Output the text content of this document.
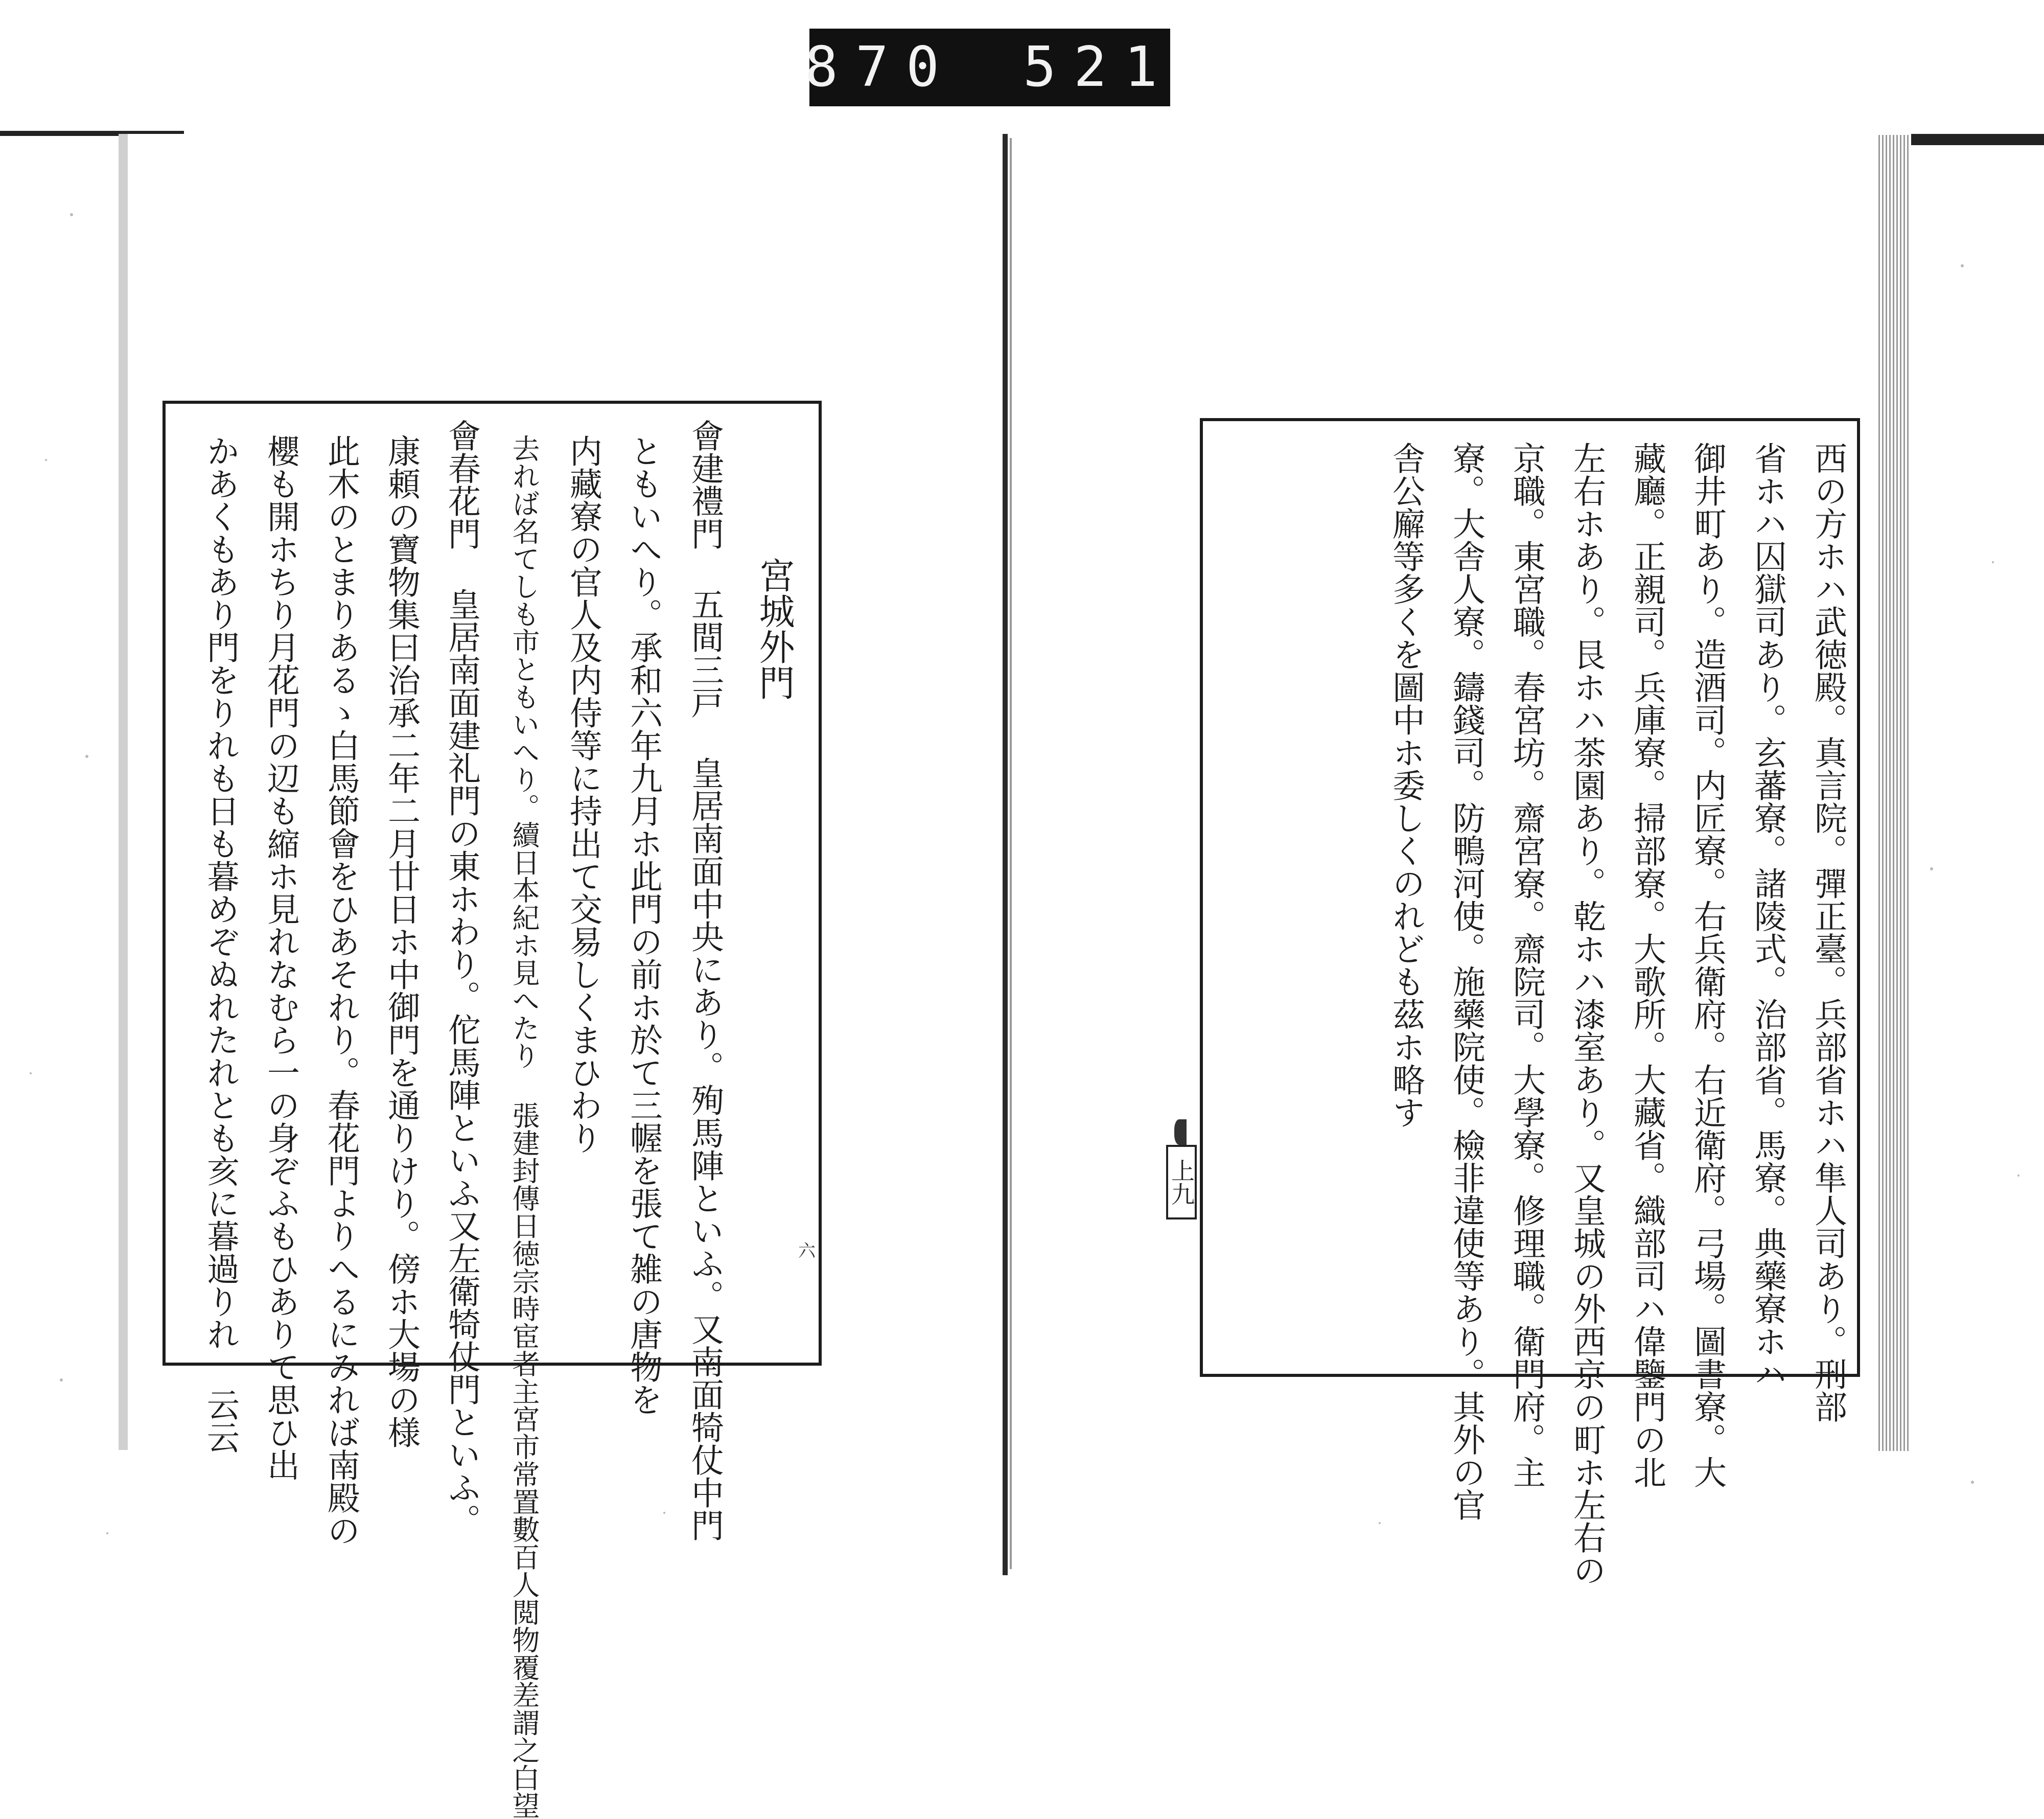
870 521
宮城外門
會建禮門 五間三戸 皇居南面中央にあり。殉馬陣といふ。又南面犄仗中門
ともいへり。承和六年九月ホ此門の前ホ於て三幄を張て雑の唐物を
内藏寮の官人及内侍等に持出て交易しくまひわり
去れば名てしも市ともいへり。續日本紀ホ見へたり 張建封傳日徳宗時宦者主宮市常置數百人閲物覆差謂之白望
會春花門 皇居南面建礼門の東ホわり。佗馬陣といふ又左衛犄仗門といふ。
康頼の寶物集曰治承二年二月廿日ホ中御門を通りけり。傍ホ大場の様
此木のとまりあるゝ白馬節會をひあそれり。春花門よりへるにみれば南殿の
櫻も開ホちり月花門の辺も縮ホ見れなむら一の身ぞふもひありて思ひ出
かあくもあり門をりれも日も暮めぞぬれたれとも亥に暮過りれ 云云	六	西の方ホハ武徳殿。真言院。彈正臺。兵部省ホハ隼人司あり。刑部
省ホハ囚獄司あり。玄蕃寮。諸陵式。治部省。馬寮。典藥寮ホハ
御井町あり。造酒司。内匠寮。右兵衛府。右近衛府。弓場。圖書寮。大
藏廳。正親司。兵庫寮。掃部寮。大歌所。大藏省。織部司ハ偉鑒門の北
左右ホあり。艮ホハ茶園あり。乾ホハ漆室あり。又皇城の外西京の町ホ左右の
京職。東宮職。春宮坊。齋宮寮。齋院司。大學寮。修理職。衛門府。主
寮。大舎人寮。鑄錢司。防鴨河使。施藥院使。檢非違使等あり。其外の官
舎公廨等多くを圖中ホ委しくのれども茲ホ略す
上九
